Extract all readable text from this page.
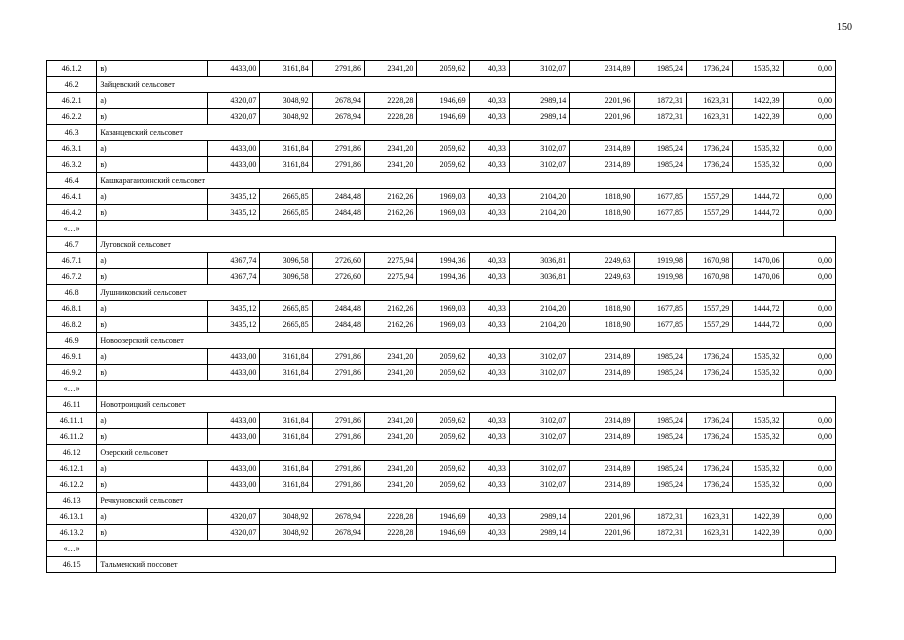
150
46.1.2	в)	4433,00	3161,84	2791,86	2341,20	2059,62	40,33	3102,07	2314,89	1985,24	1736,24	1535,32	0,00
46.2	Зайцевский сельсовет												
46.2.1	а)	4320,07	3048,92	2678,94	2228,28	1946,69	40,33	2989,14	2201,96	1872,31	1623,31	1422,39	0,00
46.2.2	в)	4320,07	3048,92	2678,94	2228,28	1946,69	40,33	2989,14	2201,96	1872,31	1623,31	1422,39	0,00
46.3	Казанцевский сельсовет												
46.3.1	а)	4433,00	3161,84	2791,86	2341,20	2059,62	40,33	3102,07	2314,89	1985,24	1736,24	1535,32	0,00
46.3.2	в)	4433,00	3161,84	2791,86	2341,20	2059,62	40,33	3102,07	2314,89	1985,24	1736,24	1535,32	0,00
46.4	Кашкарагаихинский сельсовет												
46.4.1	а)	3435,12	2665,85	2484,48	2162,26	1969,03	40,33	2104,20	1818,90	1677,85	1557,29	1444,72	0,00
46.4.2	в)	3435,12	2665,85	2484,48	2162,26	1969,03	40,33	2104,20	1818,90	1677,85	1557,29	1444,72	0,00
«…»													
46.7	Луговской сельсовет												
46.7.1	а)	4367,74	3096,58	2726,60	2275,94	1994,36	40,33	3036,81	2249,63	1919,98	1670,98	1470,06	0,00
46.7.2	в)	4367,74	3096,58	2726,60	2275,94	1994,36	40,33	3036,81	2249,63	1919,98	1670,98	1470,06	0,00
46.8	Лушниковский сельсовет												
46.8.1	а)	3435,12	2665,85	2484,48	2162,26	1969,03	40,33	2104,20	1818,90	1677,85	1557,29	1444,72	0,00
46.8.2	в)	3435,12	2665,85	2484,48	2162,26	1969,03	40,33	2104,20	1818,90	1677,85	1557,29	1444,72	0,00
46.9	Новоозерский сельсовет												
46.9.1	а)	4433,00	3161,84	2791,86	2341,20	2059,62	40,33	3102,07	2314,89	1985,24	1736,24	1535,32	0,00
46.9.2	в)	4433,00	3161,84	2791,86	2341,20	2059,62	40,33	3102,07	2314,89	1985,24	1736,24	1535,32	0,00
«…»													
46.11	Новотроицкий сельсовет												
46.11.1	а)	4433,00	3161,84	2791,86	2341,20	2059,62	40,33	3102,07	2314,89	1985,24	1736,24	1535,32	0,00
46.11.2	в)	4433,00	3161,84	2791,86	2341,20	2059,62	40,33	3102,07	2314,89	1985,24	1736,24	1535,32	0,00
46.12	Озерский сельсовет												
46.12.1	а)	4433,00	3161,84	2791,86	2341,20	2059,62	40,33	3102,07	2314,89	1985,24	1736,24	1535,32	0,00
46.12.2	в)	4433,00	3161,84	2791,86	2341,20	2059,62	40,33	3102,07	2314,89	1985,24	1736,24	1535,32	0,00
46.13	Речкуновский сельсовет												
46.13.1	а)	4320,07	3048,92	2678,94	2228,28	1946,69	40,33	2989,14	2201,96	1872,31	1623,31	1422,39	0,00
46.13.2	в)	4320,07	3048,92	2678,94	2228,28	1946,69	40,33	2989,14	2201,96	1872,31	1623,31	1422,39	0,00
«…»													
46.15	Тальменский поссовет												
